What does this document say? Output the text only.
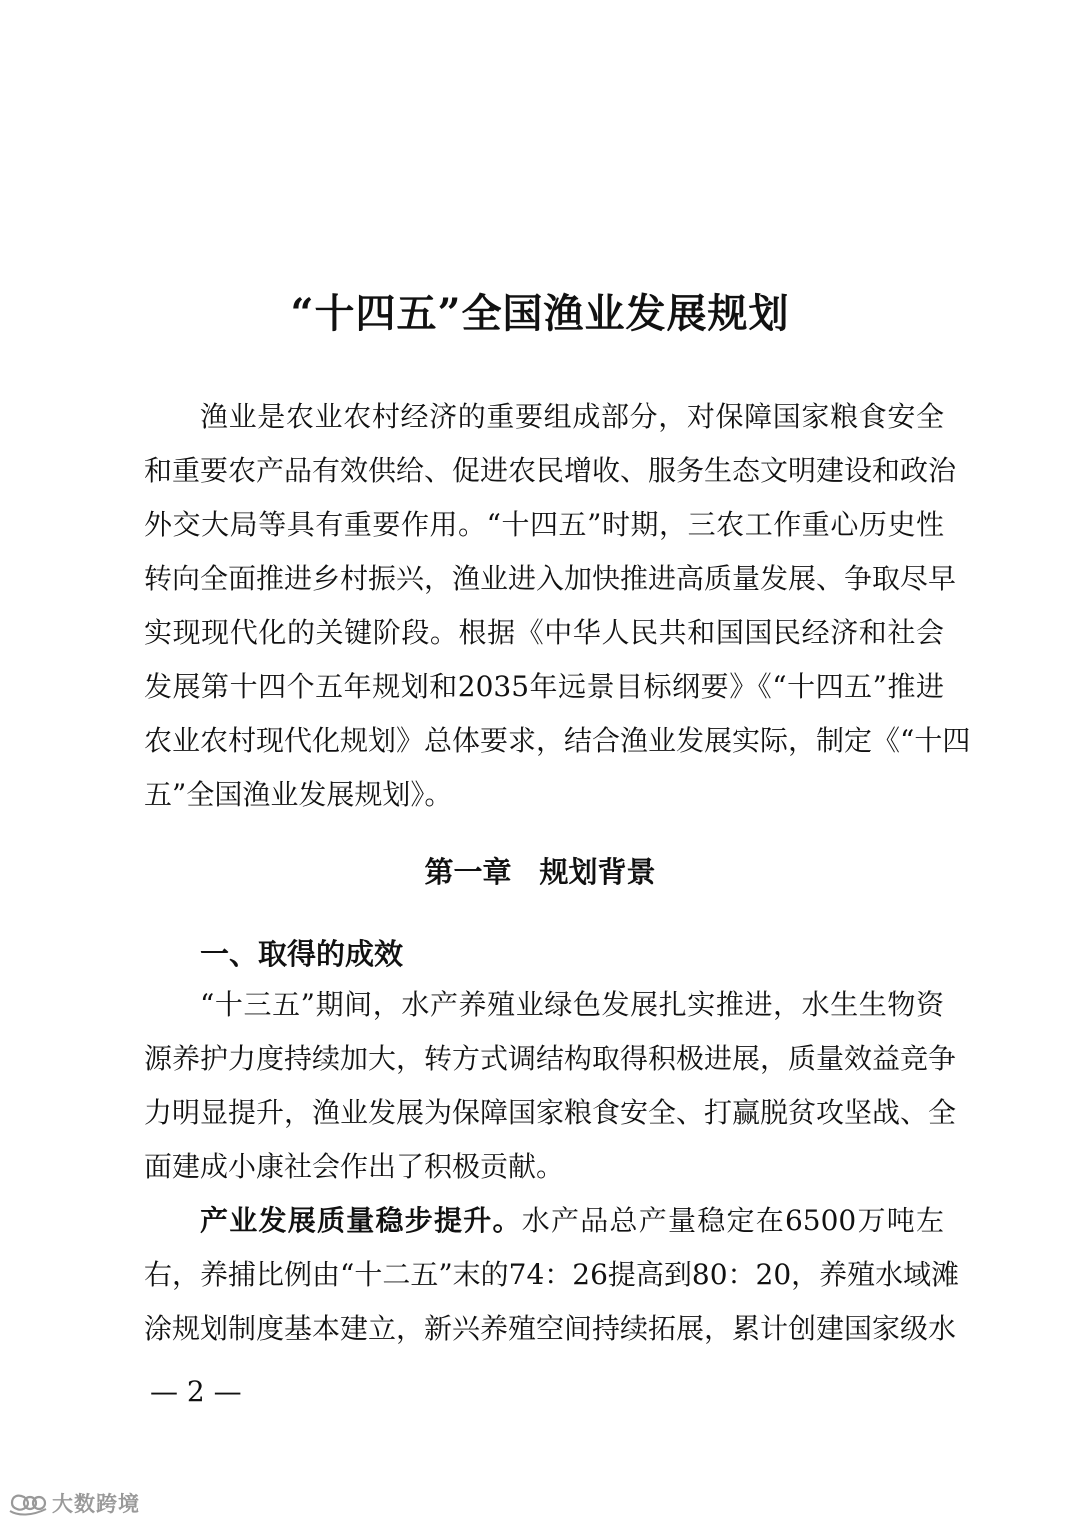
“十四五”全国渔业发展规划
渔业是农业农村经济的重要组成部分，对保障国家粮食安全
和重要农产品有效供给、促进农民增收、服务生态文明建设和政治
外交大局等具有重要作用。“十四五”时期，三农工作重心历史性
转向全面推进乡村振兴，渔业进入加快推进高质量发展、争取尽早
实现现代化的关键阶段。根据《中华人民共和国国民经济和社会
发展第十四个五年规划和2035年远景目标纲要》《“十四五”推进
农业农村现代化规划》总体要求，结合渔业发展实际，制定《“十四
五”全国渔业发展规划》。
第一章 规划背景
一、取得的成效
“十三五”期间，水产养殖业绿色发展扎实推进，水生生物资
源养护力度持续加大，转方式调结构取得积极进展，质量效益竞争
力明显提升，渔业发展为保障国家粮食安全、打赢脱贫攻坚战、全
面建成小康社会作出了积极贡献。
产业发展质量稳步提升。水产品总产量稳定在6500万吨左
右，养捕比例由“十二五”末的74：26提高到80：20，养殖水域滩
涂规划制度基本建立，新兴养殖空间持续拓展，累计创建国家级水
— 2 —
大数跨境
